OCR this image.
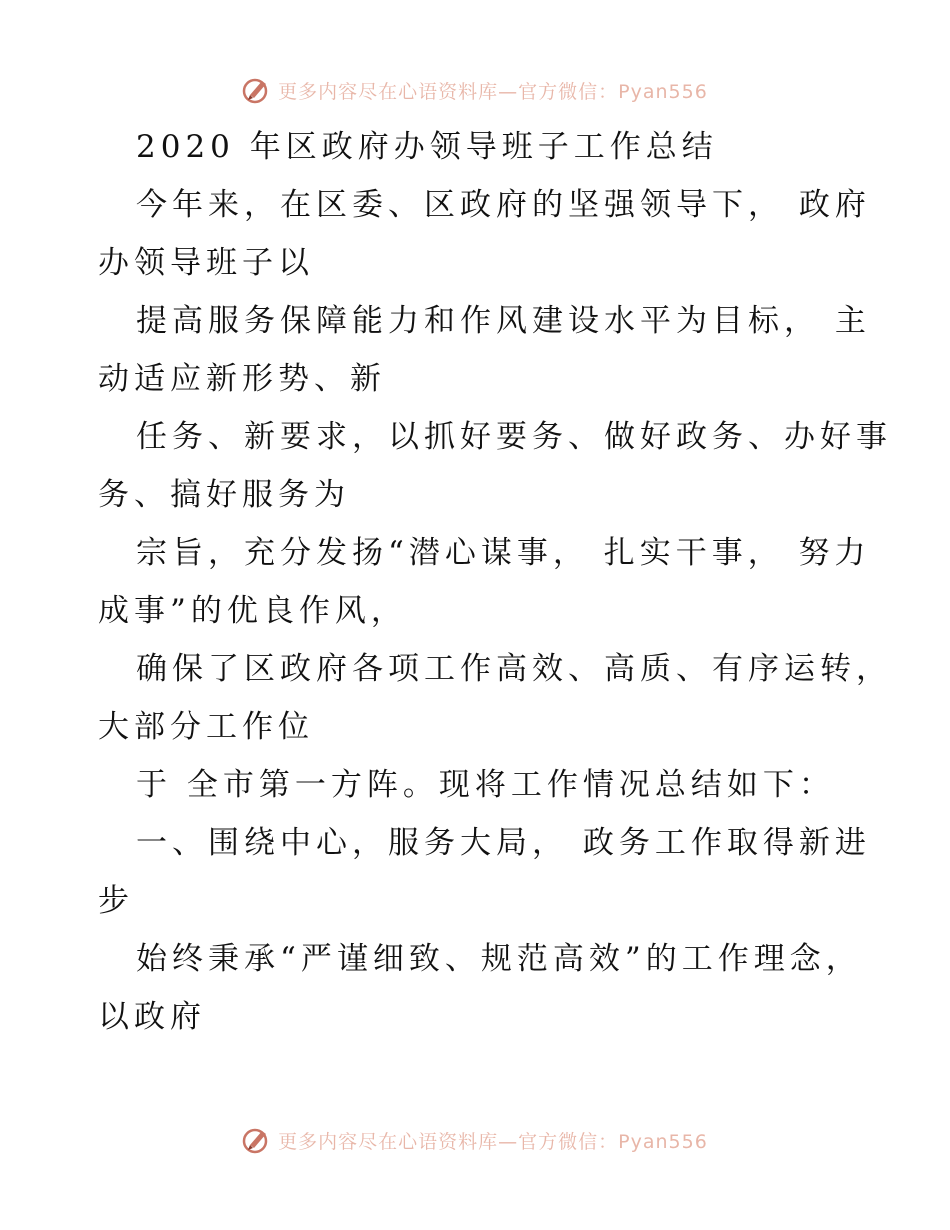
更多内容尽在心语资料库—官方微信：Pyan556
2020 年区政府办领导班子工作总结
今年来，在区委、区政府的坚强领导下， 政府
办领导班子以
提高服务保障能力和作风建设水平为目标， 主
动适应新形势、新
任务、新要求，以抓好要务、做好政务、办好事
务、搞好服务为
宗旨，充分发扬“潜心谋事， 扎实干事， 努力
成事”的优良作风，
确保了区政府各项工作高效、高质、有序运转，
大部分工作位
于 全市第一方阵。现将工作情况总结如下：
一、围绕中心，服务大局， 政务工作取得新进
步
始终秉承“严谨细致、规范高效”的工作理念，
以政府
更多内容尽在心语资料库—官方微信：Pyan556
